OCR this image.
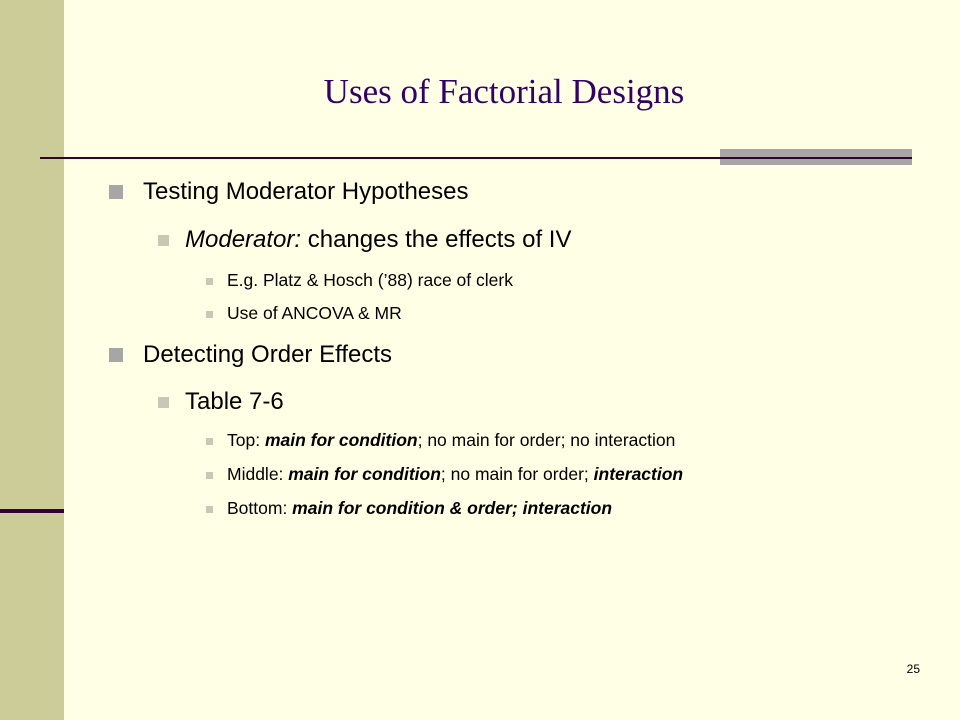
Uses of Factorial Designs
Testing Moderator Hypotheses
Moderator: changes the effects of IV
E.g. Platz & Hosch (’88) race of clerk
Use of ANCOVA & MR
Detecting Order Effects
Table 7-6
Top: main for condition; no main for order; no interaction
Middle: main for condition; no main for order; interaction
Bottom: main for condition & order; interaction
25
